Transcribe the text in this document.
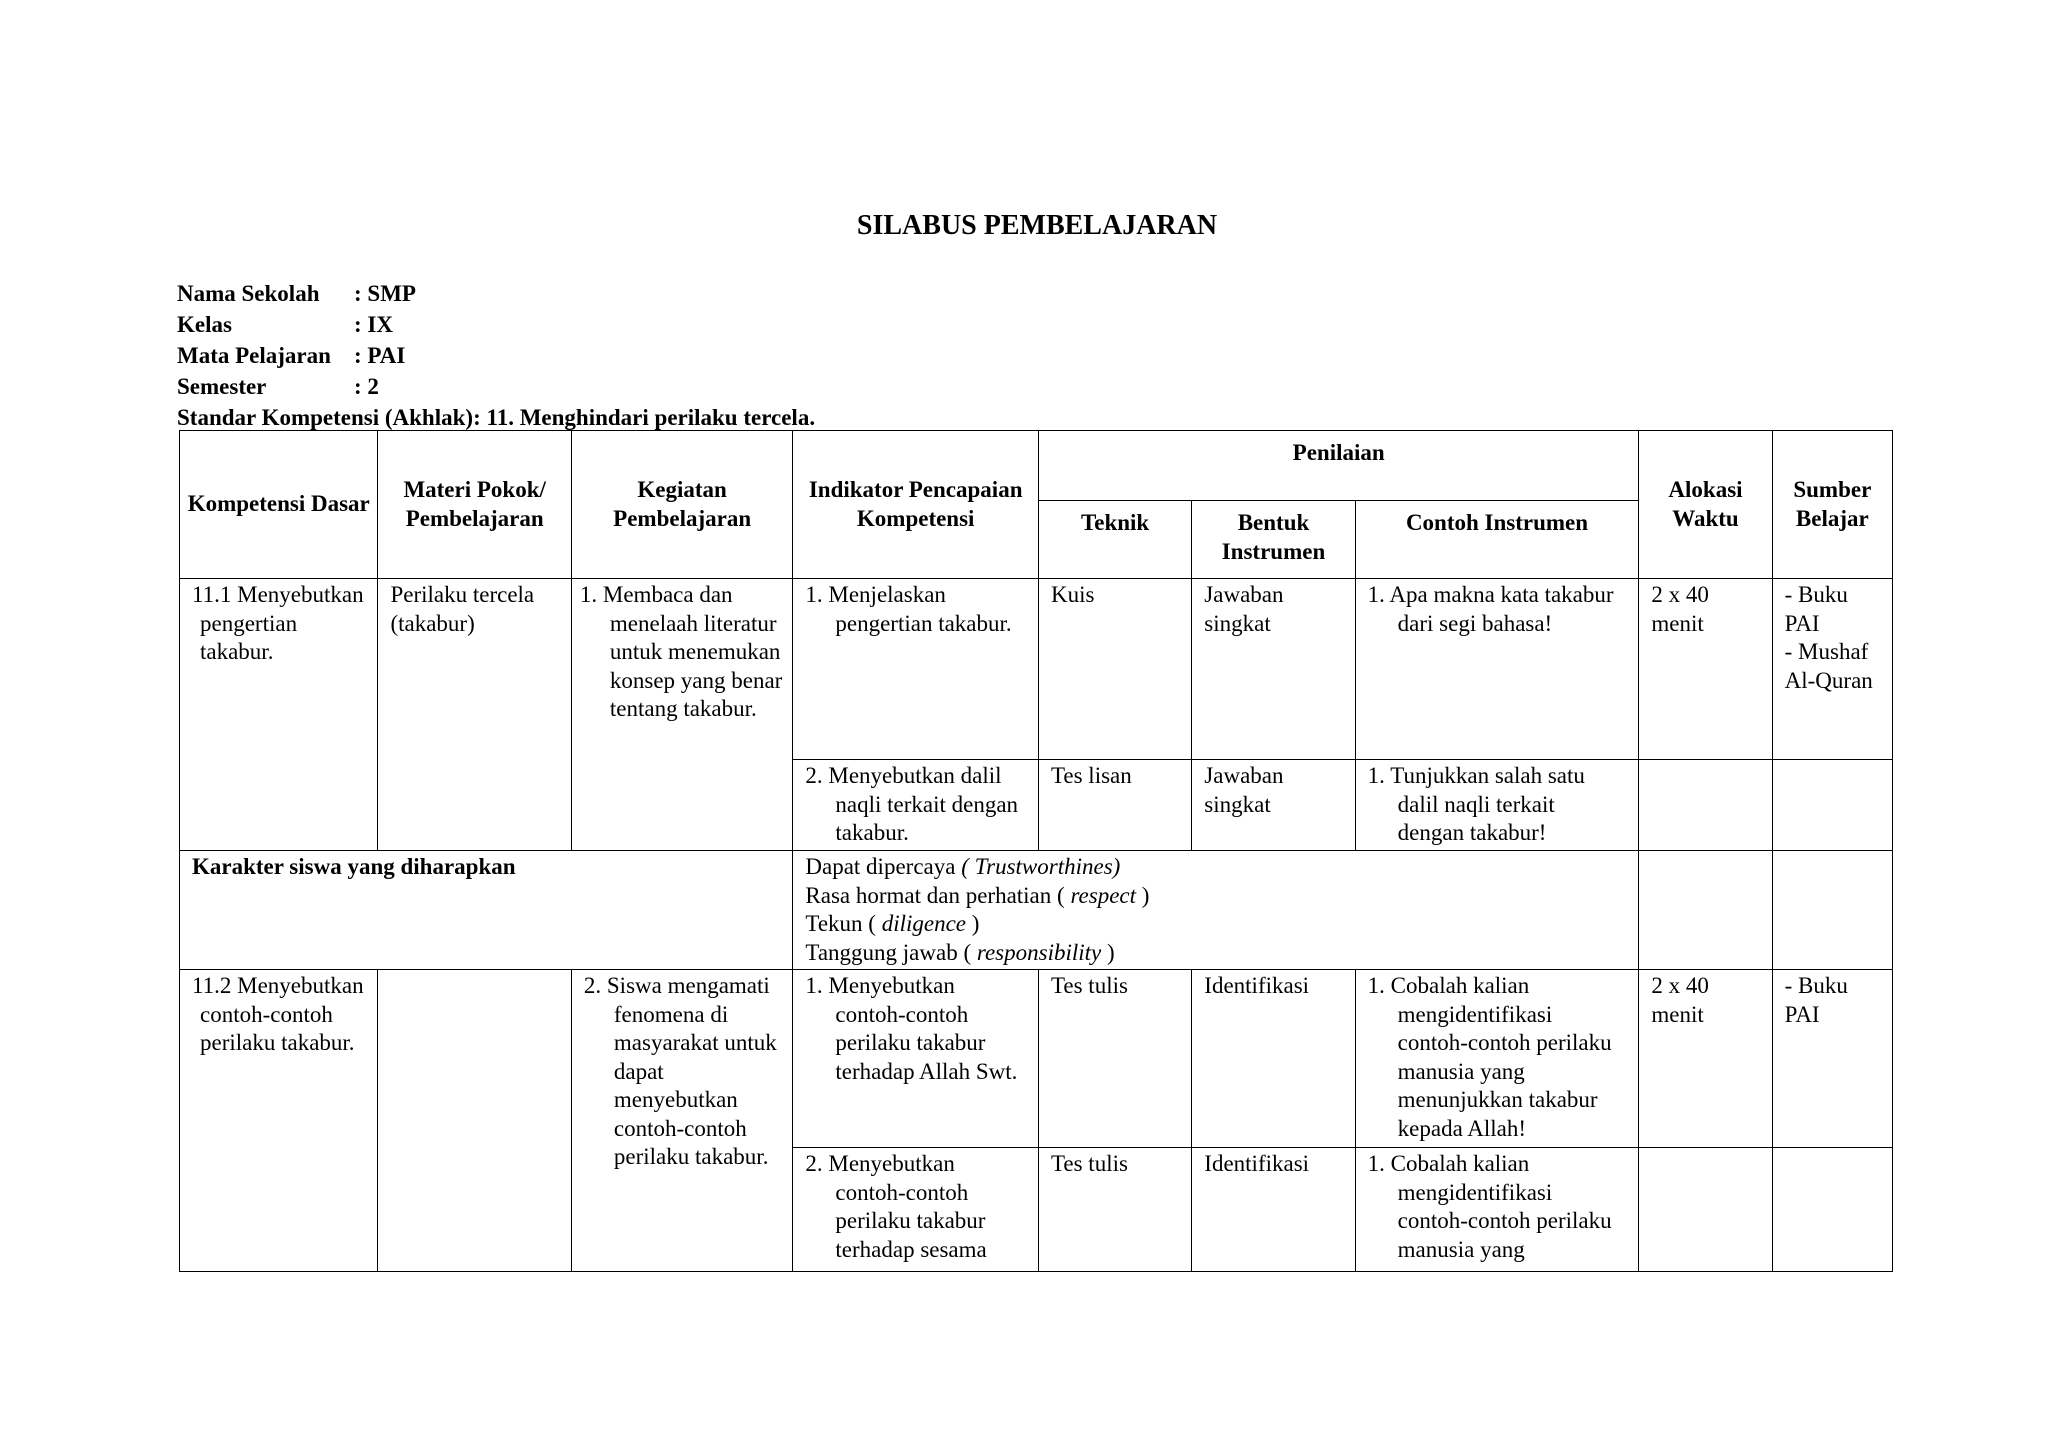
SILABUS PEMBELAJARAN
Nama Sekolah	: SMP
Kelas	: IX
Mata Pelajaran	: PAI
Semester	: 2
Standar Kompetensi (Akhlak): 11. Menghindari perilaku tercela.
Kompetensi Dasar	Materi Pokok/ Pembelajaran	Kegiatan Pembelajaran	Indikator Pencapaian Kompetensi	Penilaian			Alokasi Waktu	Sumber Belajar
				Teknik	Bentuk Instrumen	Contoh Instrumen		

11.1 Menyebutkan pengertian takabur.	Perilaku tercela (takabur)	1. Membaca dan menelaah literatur untuk menemukan konsep yang benar tentang takabur.	1. Menjelaskan pengertian takabur.	Kuis	Jawaban singkat	1. Apa makna kata takabur dari segi bahasa!	2 x 40 menit	- Buku PAI
- Mushaf Al-Quran

			2. Menyebutkan dalil naqli terkait dengan takabur.	Tes lisan	Jawaban singkat	1. Tunjukkan salah satu dalil naqli terkait dengan takabur!		

Karakter siswa yang diharapkan			Dapat dipercaya ( Trustworthines)
Rasa hormat dan perhatian ( respect )
Tekun ( diligence )
Tanggung jawab ( responsibility )					

11.2 Menyebutkan contoh-contoh perilaku takabur.		2. Siswa mengamati fenomena di masyarakat untuk dapat menyebutkan contoh-contoh perilaku takabur.	1. Menyebutkan contoh-contoh perilaku takabur terhadap Allah Swt.	Tes tulis	Identifikasi	1. Cobalah kalian mengidentifikasi contoh-contoh perilaku manusia yang menunjukkan takabur kepada Allah!	2 x 40 menit	- Buku PAI

			2. Menyebutkan contoh-contoh perilaku takabur terhadap sesama	Tes tulis	Identifikasi	1. Cobalah kalian mengidentifikasi contoh-contoh perilaku manusia yang		
